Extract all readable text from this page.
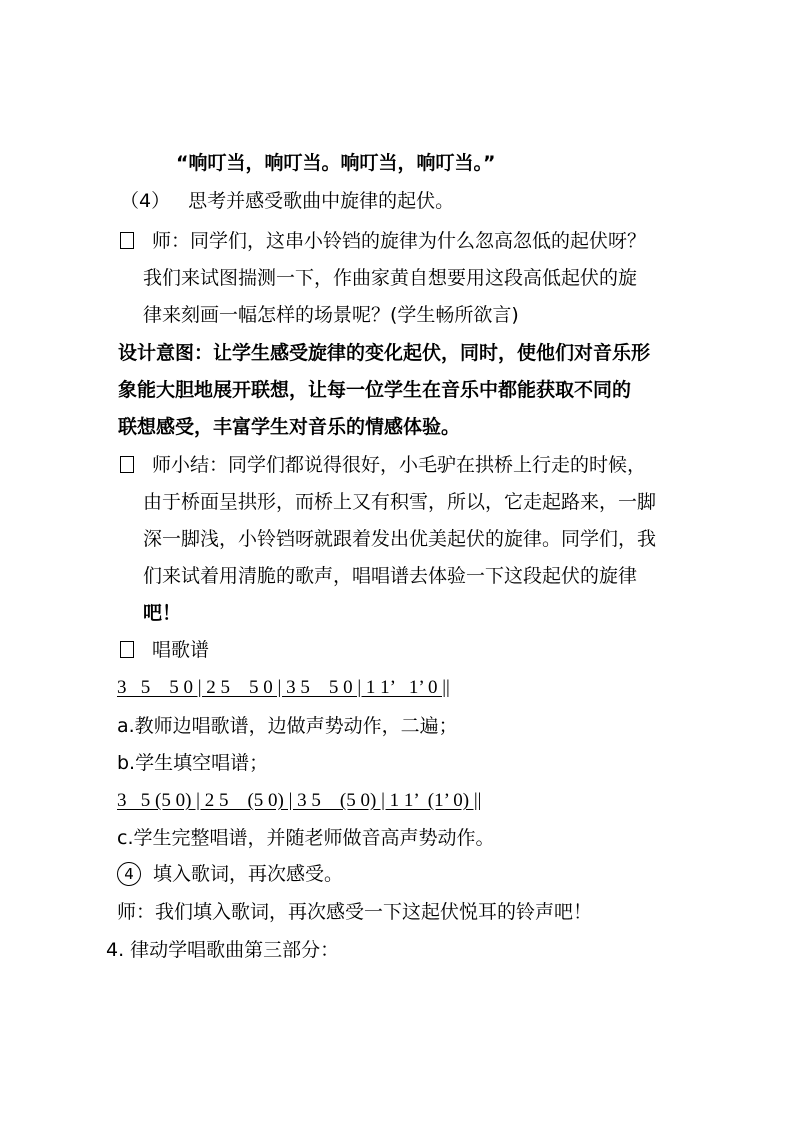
“响叮当，响叮当。响叮当，响叮当。”
（4） 思考并感受歌曲中旋律的起伏。
师：同学们，这串小铃铛的旋律为什么忽高忽低的起伏呀？
我们来试图揣测一下，作曲家黄自想要用这段高低起伏的旋
律来刻画一幅怎样的场景呢？(学生畅所欲言)
设计意图：让学生感受旋律的变化起伏，同时，使他们对音乐形
象能大胆地展开联想，让每一位学生在音乐中都能获取不同的
联想感受，丰富学生对音乐的情感体验。
师小结：同学们都说得很好，小毛驴在拱桥上行走的时候，
由于桥面呈拱形，而桥上又有积雪，所以，它走起路来，一脚
深一脚浅，小铃铛呀就跟着发出优美起伏的旋律。同学们，我
们来试着用清脆的歌声，唱唱谱去体验一下这段起伏的旋律
吧！
唱歌谱
3   5    5 0 | 2 5    5 0 | 3 5    5 0 | 1 1’   1’ 0 ||
a.教师边唱歌谱，边做声势动作，二遍；
b.学生填空唱谱；
3   5 (5 0) | 2 5    (5 0) | 3 5    (5 0) | 1 1’  (1’ 0) ||
c.学生完整唱谱，并随老师做音高声势动作。
4 填入歌词，再次感受。
师：我们填入歌词，再次感受一下这起伏悦耳的铃声吧！
4. 律动学唱歌曲第三部分：
